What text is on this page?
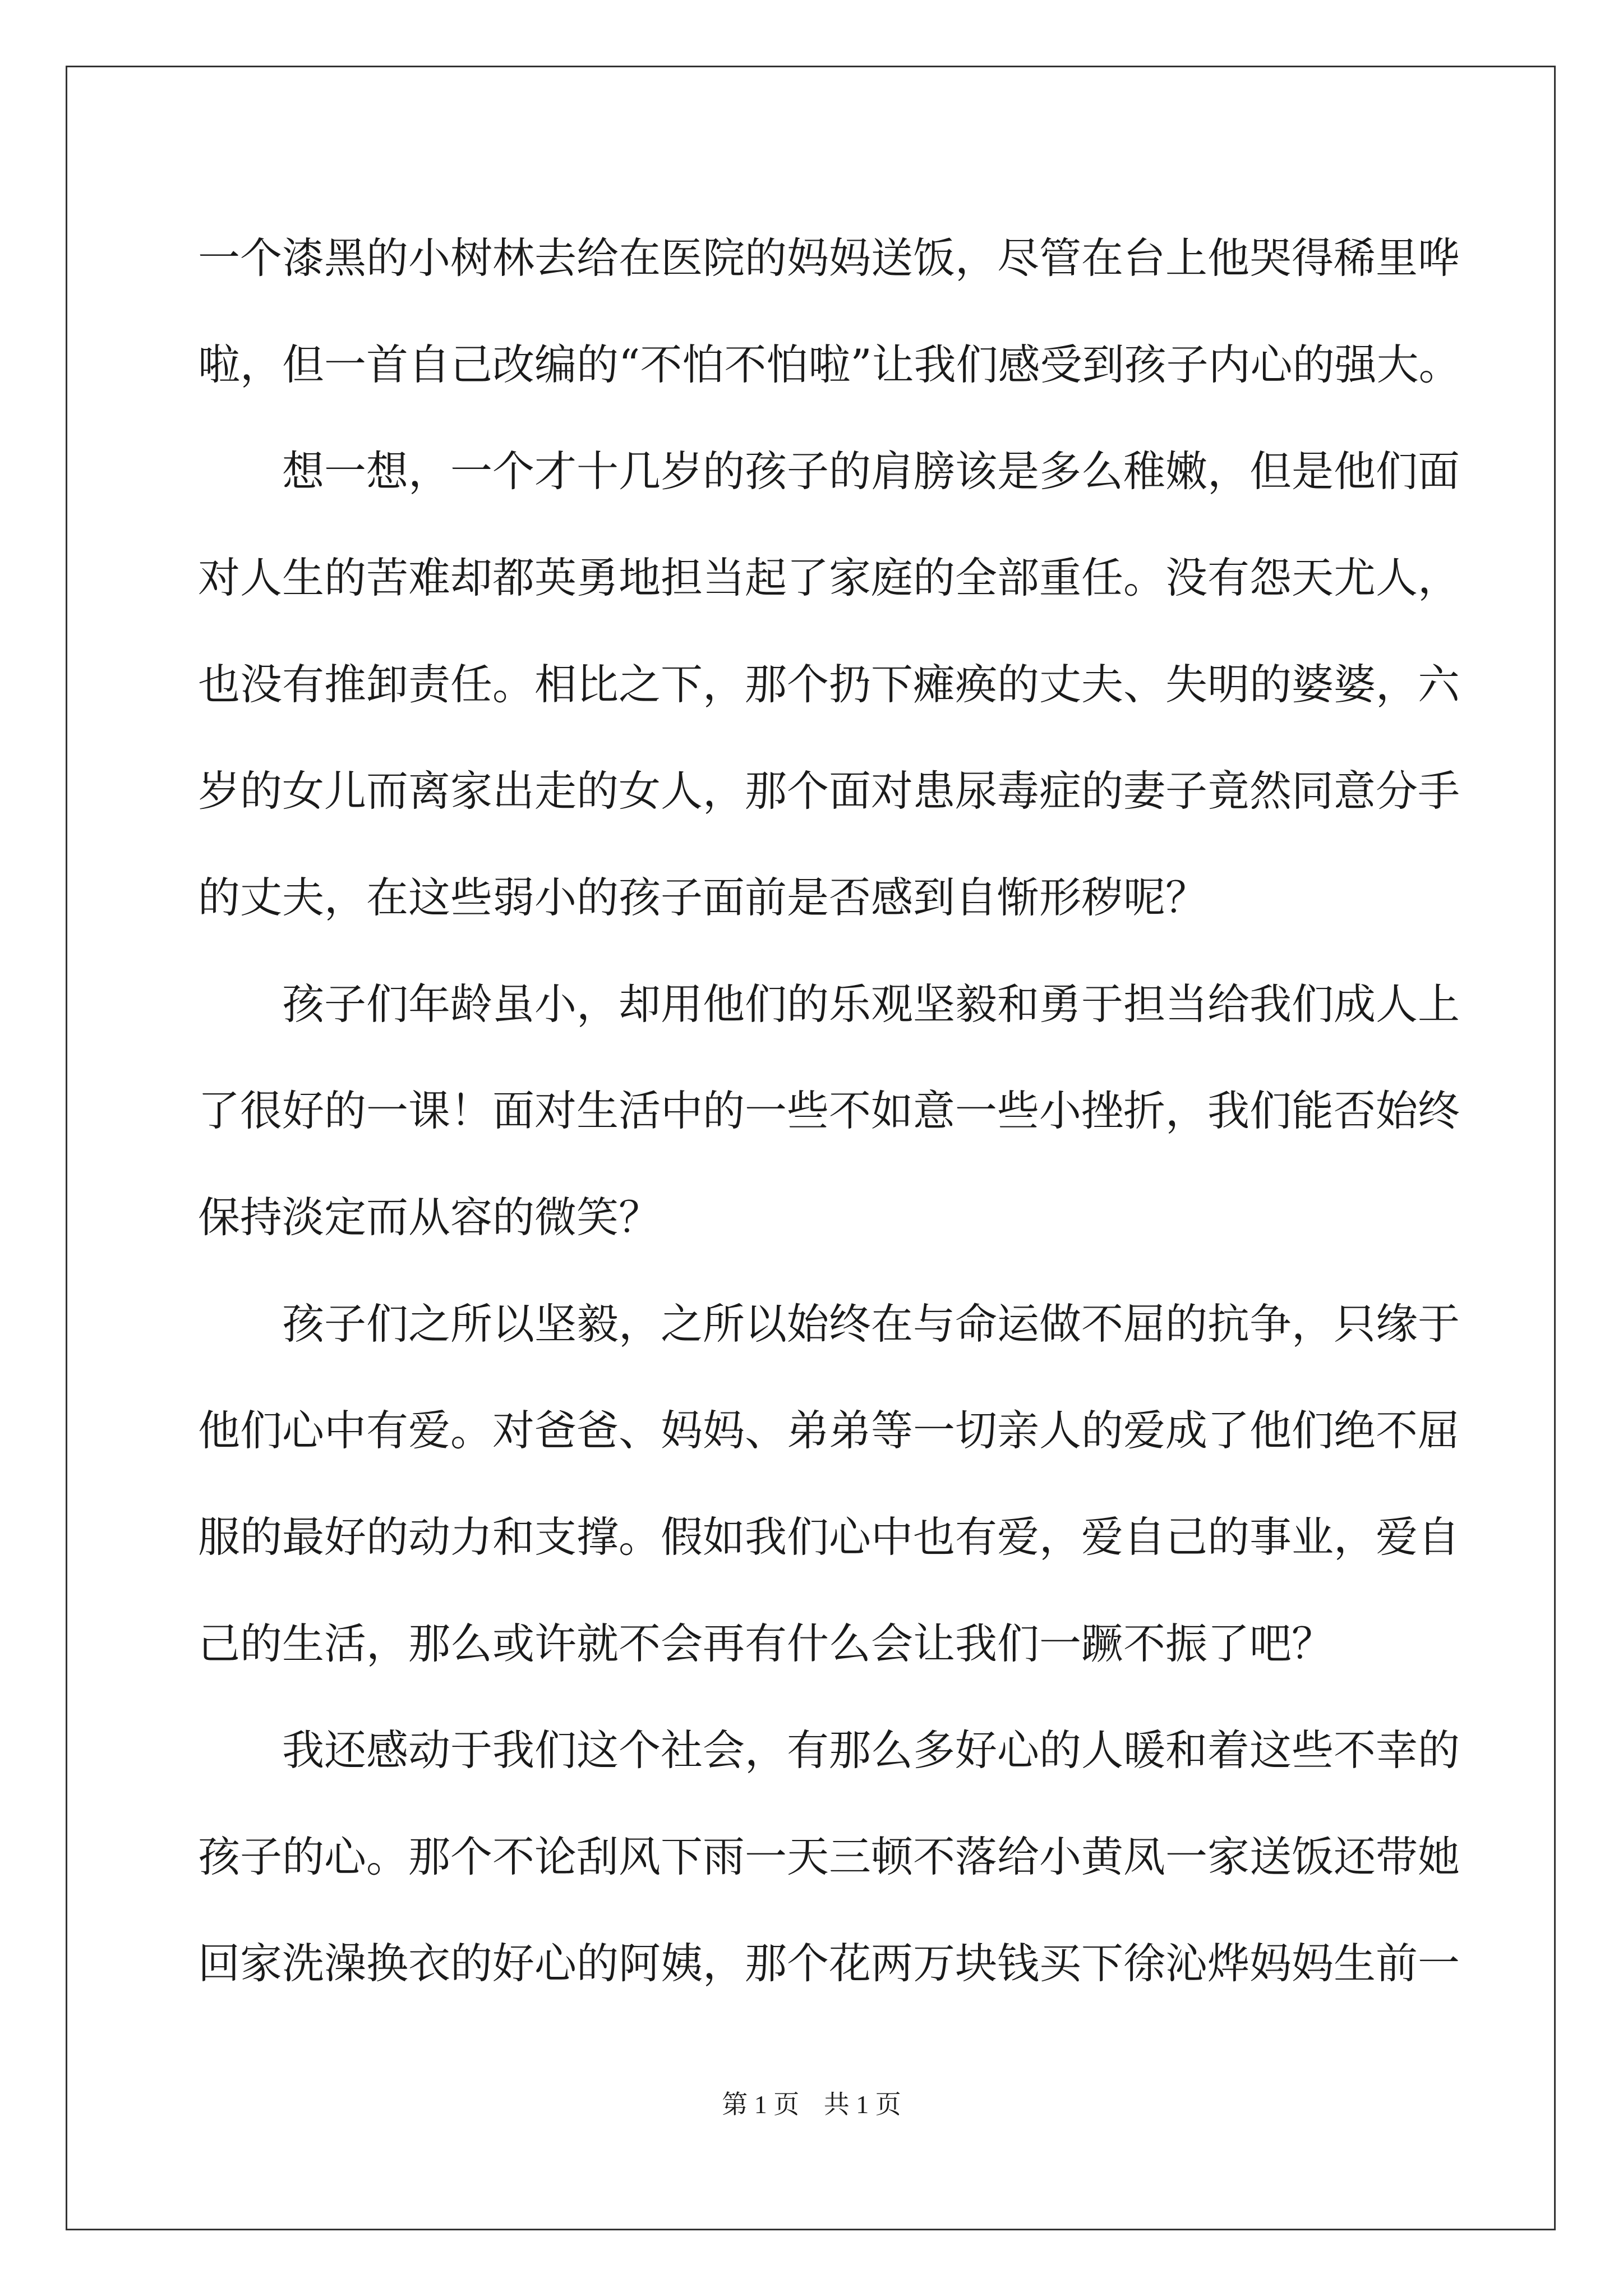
一个漆黑的小树林去给在医院的妈妈送饭，尽管在台上他哭得稀里哗
啦，但一首自己改编的“不怕不怕啦”让我们感受到孩子内心的强大。
　　想一想，一个才十几岁的孩子的肩膀该是多么稚嫩，但是他们面
对人生的苦难却都英勇地担当起了家庭的全部重任。没有怨天尤人，
也没有推卸责任。相比之下，那个扔下瘫痪的丈夫、失明的婆婆，六
岁的女儿而离家出走的女人，那个面对患尿毒症的妻子竟然同意分手
的丈夫，在这些弱小的孩子面前是否感到自惭形秽呢？
　　孩子们年龄虽小，却用他们的乐观坚毅和勇于担当给我们成人上
了很好的一课！面对生活中的一些不如意一些小挫折，我们能否始终
保持淡定而从容的微笑？
　　孩子们之所以坚毅，之所以始终在与命运做不屈的抗争，只缘于
他们心中有爱。对爸爸、妈妈、弟弟等一切亲人的爱成了他们绝不屈
服的最好的动力和支撑。假如我们心中也有爱，爱自己的事业，爱自
己的生活，那么或许就不会再有什么会让我们一蹶不振了吧？
　　我还感动于我们这个社会，有那么多好心的人暖和着这些不幸的
孩子的心。那个不论刮风下雨一天三顿不落给小黄凤一家送饭还带她
回家洗澡换衣的好心的阿姨，那个花两万块钱买下徐沁烨妈妈生前一
第 1 页 共 1 页
